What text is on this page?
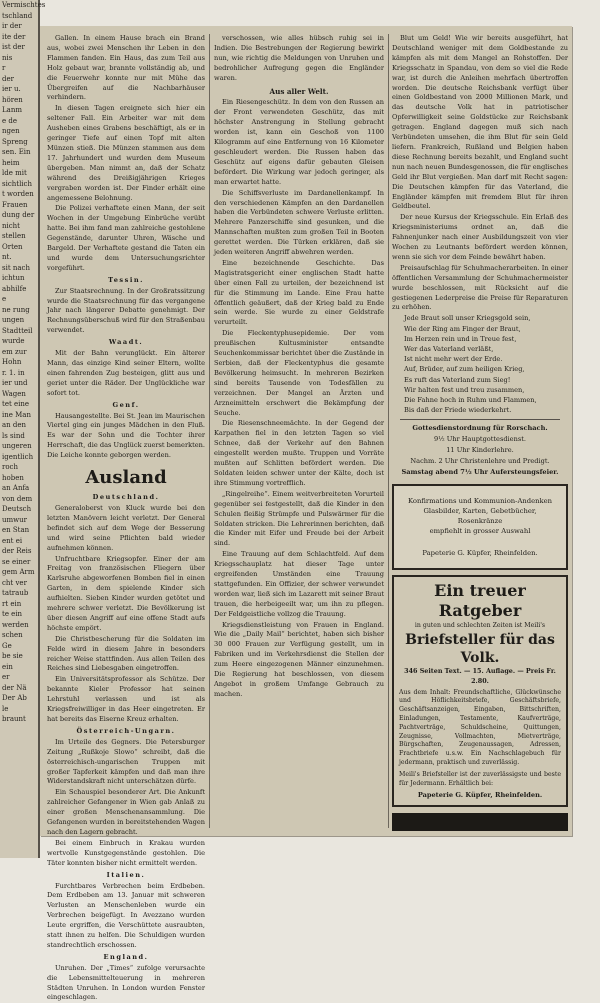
Vermischtes
tschland
ir der
ite der
ist der
nis
r
der
ier u.
hören
Lanm
e de
ngen
Spreng
sen. Ein
heim
lde mit
sichtlich
t worden
Frauen
dung der
nicht
stellen
Orten
nt.
sit nach
ichtun
abhilfe
e
ne rung
ungen
Stadtteil
wurde
em zur
Hohn
r. 1. in
ier und
Wagen
tet eine
ine Man
an den
ls sind
ungeren
igentlich
roch
hoben
an Anfa
von dem
Deutsch
umwur
en Stan
ent ei
der Reis
se einer
gem Arm
cht ver
tatraub
rt ein
te ein
werden
schen
Ge
be sie
ein
er
der Nä
Der Ab
le
braunt

Gallen. In einem Hause brach ein Brand aus, wobei zwei Menschen ihr Leben in den Flammen fanden. Ein Haus, das zum Teil aus Holz gebaut war, brannte vollständig ab, und die Feuerwehr konnte nur mit Mühe das Übergreifen auf die Nachbarhäuser verhindern.

In diesen Tagen ereignete sich hier ein seltener Fall. Ein Arbeiter war mit dem Ausheben eines Grabens beschäftigt, als er in geringer Tiefe auf einen Topf mit alten Münzen stieß. Die Münzen stammen aus dem 17. Jahrhundert und wurden dem Museum übergeben. Man nimmt an, daß der Schatz während des Dreißigjährigen Krieges vergraben worden ist. Der Finder erhält eine angemessene Belohnung.

Die Polizei verhaftete einen Mann, der seit Wochen in der Umgebung Einbrüche verübt hatte. Bei ihm fand man zahlreiche gestohlene Gegenstände, darunter Uhren, Wäsche und Bargeld. Der Verhaftete gestand die Taten ein und wurde dem Untersuchungsrichter vorgeführt.

Tessin.

Zur Staatsrechnung. In der Großratssitzung wurde die Staatsrechnung für das vergangene Jahr nach längerer Debatte genehmigt. Der Rechnungsüberschuß wird für den Straßenbau verwendet.

Waadt.

Mit der Bahn verunglückt. Ein älterer Mann, das einzige Kind seiner Eltern, wollte einen fahrenden Zug besteigen, glitt aus und geriet unter die Räder. Der Unglückliche war sofort tot.

Genf.

Hausangestellte. Bei St. Jean im Maurischen Viertel ging ein junges Mädchen in den Fluß. Es war der Sohn und die Tochter ihrer Herrschaft, die das Unglück zuerst bemerkten. Die Leiche konnte geborgen werden.

Ausland

Deutschland.

Generaloberst von Kluck wurde bei den letzten Manövern leicht verletzt. Der General befindet sich auf dem Wege der Besserung und wird seine Pflichten bald wieder aufnehmen können.

Unfruchtbare Kriegsopfer. Einer der am Freitag von französischen Fliegern über Karlsruhe abgeworfenen Bomben fiel in einen Garten, in dem spielende Kinder sich aufhielten. Sieben Kinder wurden getötet und mehrere schwer verletzt. Die Bevölkerung ist über diesen Angriff auf eine offene Stadt aufs höchste empört.

Die Christbescherung für die Soldaten im Felde wird in diesem Jahre in besonders reicher Weise stattfinden. Aus allen Teilen des Reiches sind Liebesgaben eingetroffen.

Ein Universitätsprofessor als Schütze. Der bekannte Kieler Professor hat seinen Lehrstuhl verlassen und ist als Kriegsfreiwilliger in das Heer eingetreten. Er hat bereits das Eiserne Kreuz erhalten.

Österreich-Ungarn.

Im Urteile des Gegners. Die Petersburger Zeitung „Rußkoje Slowo“ schreibt, daß die österreichisch-ungarischen Truppen mit großer Tapferkeit kämpfen und daß man ihre Widerstandskraft nicht unterschätzen dürfe.

Ein Schauspiel besonderer Art. Die Ankunft zahlreicher Gefangener in Wien gab Anlaß zu einer großen Menschenansammlung. Die Gefangenen wurden in bereitstehenden Wagen nach den Lagern gebracht.

Bei einem Einbruch in Krakau wurden wertvolle Kunstgegenstände gestohlen. Die Täter konnten bisher nicht ermittelt werden.

Italien.

Furchtbares Verbrechen beim Erdbeben. Dem Erdbeben am 13. Januar mit schweren Verlusten an Menschenleben wurde ein Verbrechen beigefügt. In Avezzano wurden Leute ergriffen, die Verschüttete ausraubten, statt ihnen zu helfen. Die Schuldigen wurden standrechtlich erschossen.

England.

Unruhen. Der „Times“ zufolge verursachte die Lebensmittelteuerung in mehreren Städten Unruhen. In London wurden Fenster eingeschlagen.

verschossen, wie alles hübsch ruhig sei in Indien. Die Bestrebungen der Regierung bewirkt nun, wie richtig die Meldungen von Unruhen und bedrohlicher Aufregung gegen die Engländer waren.

Aus aller Welt.

Ein Riesengeschütz. In dem von den Russen an der Front verwendeten Geschütz, das mit höchster Anstrengung in Stellung gebracht worden ist, kann ein Geschoß von 1100 Kilogramm auf eine Entfernung von 16 Kilometer geschleudert werden. Die Russen haben das Geschütz auf eigens dafür gebauten Gleisen befördert. Die Wirkung war jedoch geringer, als man erwartet hatte.

Die Schiffsverluste im Dardanellenkampf. In den verschiedenen Kämpfen an den Dardanellen haben die Verbündeten schwere Verluste erlitten. Mehrere Panzerschiffe sind gesunken, und die Mannschaften mußten zum großen Teil in Booten gerettet werden. Die Türken erklären, daß sie jeden weiteren Angriff abwehren werden.

Eine bezeichnende Geschichte. Das Magistratsgericht einer englischen Stadt hatte über einen Fall zu urteilen, der bezeichnend ist für die Stimmung im Lande. Eine Frau hatte öffentlich geäußert, daß der Krieg bald zu Ende sein werde. Sie wurde zu einer Geldstrafe verurteilt.

Die Fleckentyphusepidemie. Der vom preußischen Kultusminister entsandte Seuchenkommissar berichtet über die Zustände in Serbien, daß der Fleckentyphus die gesamte Bevölkerung heimsucht. In mehreren Bezirken sind bereits Tausende von Todesfällen zu verzeichnen. Der Mangel an Ärzten und Arzneimitteln erschwert die Bekämpfung der Seuche.

Die Riesenschneemächte. In der Gegend der Karpathen fiel in den letzten Tagen so viel Schnee, daß der Verkehr auf den Bahnen eingestellt werden mußte. Truppen und Vorräte mußten auf Schlitten befördert werden. Die Soldaten leiden schwer unter der Kälte, doch ist ihre Stimmung vortrefflich.

„Ringelreihe“. Einem weitverbreiteten Vorurteil gegenüber sei festgestellt, daß die Kinder in den Schulen fleißig Strümpfe und Pulswärmer für die Soldaten stricken. Die Lehrerinnen berichten, daß die Kinder mit Eifer und Freude bei der Arbeit sind.

Eine Trauung auf dem Schlachtfeld. Auf dem Kriegsschauplatz hat dieser Tage unter ergreifenden Umständen eine Trauung stattgefunden. Ein Offizier, der schwer verwundet worden war, ließ sich im Lazarett mit seiner Braut trauen, die herbeigeeilt war, um ihn zu pflegen. Der Feldgeistliche vollzog die Trauung.

Kriegsdienstleistung von Frauen in England. Wie die „Daily Mail“ berichtet, haben sich bisher 30 000 Frauen zur Verfügung gestellt, um in Fabriken und im Verkehrsdienst die Stellen der zum Heere eingezogenen Männer einzunehmen. Die Regierung hat beschlossen, von diesem Angebot in großem Umfange Gebrauch zu machen.

Blut um Geld! Wie wir bereits ausgeführt, hat Deutschland weniger mit dem Goldbestande zu kämpfen als mit dem Mangel an Rohstoffen. Der Kriegsschatz in Spandau, von dem so viel die Rede war, ist durch die Anleihen mehrfach übertroffen worden. Die deutsche Reichsbank verfügt über einen Goldbestand von 2000 Millionen Mark, und das deutsche Volk hat in patriotischer Opferwilligkeit seine Goldstücke zur Reichsbank getragen. England dagegen muß sich nach Verbündeten umsehen, die ihm Blut für sein Geld liefern. Frankreich, Rußland und Belgien haben diese Rechnung bereits bezahlt, und England sucht nun nach neuen Bundesgenossen, die für englisches Geld ihr Blut vergießen. Man darf mit Recht sagen: Die Deutschen kämpfen für das Vaterland, die Engländer kämpfen mit fremdem Blut für ihren Geldbeutel.

Der neue Kursus der Kriegsschule. Ein Erlaß des Kriegsministeriums ordnet an, daß die Fahnenjunker nach einer Ausbildungszeit von vier Wochen zu Leutnants befördert werden können, wenn sie sich vor dem Feinde bewährt haben.

Preisaufschlag für Schuhmacherarbeiten. In einer öffentlichen Versammlung der Schuhmachermeister wurde beschlossen, mit Rücksicht auf die gestiegenen Lederpreise die Preise für Reparaturen zu erhöhen.

Jede Braut soll unser Kriegsgold sein,

Wie der Ring am Finger der Braut,

Im Herzen rein und in Treue fest,

Wer das Vaterland verläßt,

Ist nicht mehr wert der Erde.

Auf, Brüder, auf zum heiligen Krieg,

Es ruft das Vaterland zum Sieg!

Wir halten fest und treu zusammen,

Die Fahne hoch in Ruhm und Flammen,

Bis daß der Friede wiederkehrt.

Gottesdienstordnung für Rorschach.

9½ Uhr Hauptgottesdienst.

11 Uhr Kinderlehre.

Nachm. 2 Uhr Christenlehre und Predigt.

Samstag abend 7½ Uhr Aufersteungsfeier.

Konfirmations und Kommunion-Andenken
Glasbilder, Karten, Gebetbücher, Rosenkränze
empfiehlt in grosser Auswahl
Papeterie G. Küpfer, Rheinfelden.
Ein treuer Ratgeber
in guten und schlechten Zeiten ist Meili's
Briefsteller für das Volk.
346 Seiten Text. — 15. Auflage. — Preis Fr. 2.80.
Aus dem Inhalt: Freundschaftliche, Glückwünsche und Höflichkeitsbriefe, Geschäftsbriefe, Geschäftsanzeigen, Eingaben, Bittschriften, Einladungen, Testamente, Kaufverträge, Pachtverträge, Schuldscheine, Quittungen, Zeugnisse, Vollmachten, Mietverträge, Bürgschaften, Zeugenaussagen, Adressen, Frachtbriefe u.s.w. Ein Nachschlagebuch für jedermann, praktisch und zuverlässig.
Meili's Briefsteller ist der zuverlässigste und beste für Jedermann. Erhältlich bei:
Papeterie G. Küpfer, Rheinfelden.
